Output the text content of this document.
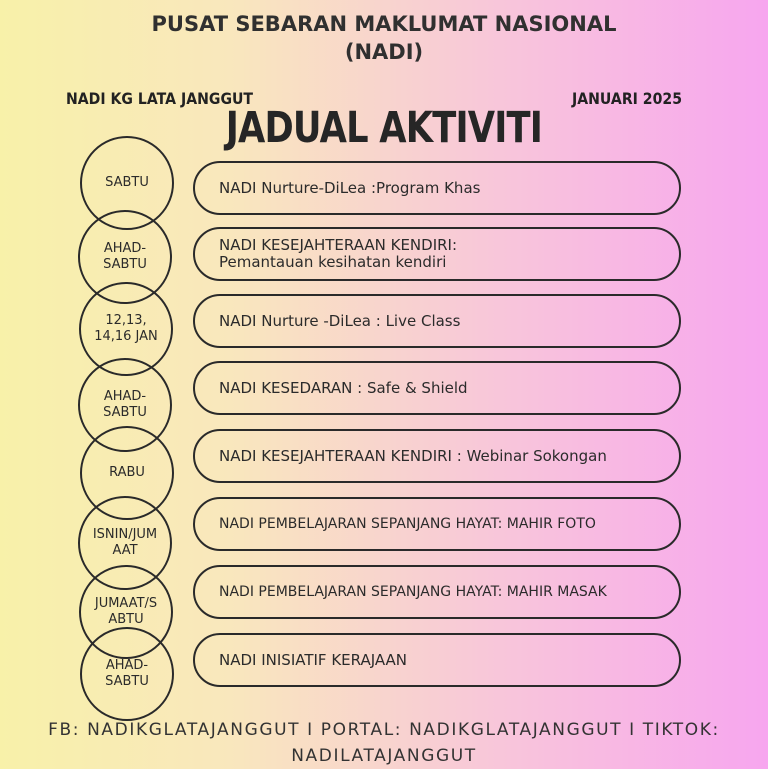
PUSAT SEBARAN MAKLUMAT NASIONAL
(NADI)
NADI KG LATA JANGGUT	JANUARI 2025
JADUAL AKTIVITI
SABTU
AHAD-SABTU
12,13, 14,16 JAN
AHAD-SABTU
RABU
ISNIN/JUMAAT
JUMAAT/SABTU
AHAD-SABTU
NADI Nurture-DiLea :Program Khas
NADI KESEJAHTERAAN KENDIRI: Pemantauan kesihatan kendiri
NADI Nurture -DiLea : Live Class
NADI KESEDARAN : Safe & Shield
NADI KESEJAHTERAAN KENDIRI : Webinar Sokongan
NADI PEMBELAJARAN SEPANJANG HAYAT: MAHIR FOTO
NADI PEMBELAJARAN SEPANJANG HAYAT: MAHIR MASAK
NADI INISIATIF KERAJAAN
FB: NADIKGLATAJANGGUT I PORTAL: NADIKGLATAJANGGUT I TIKTOK:
NADILATAJANGGUT
